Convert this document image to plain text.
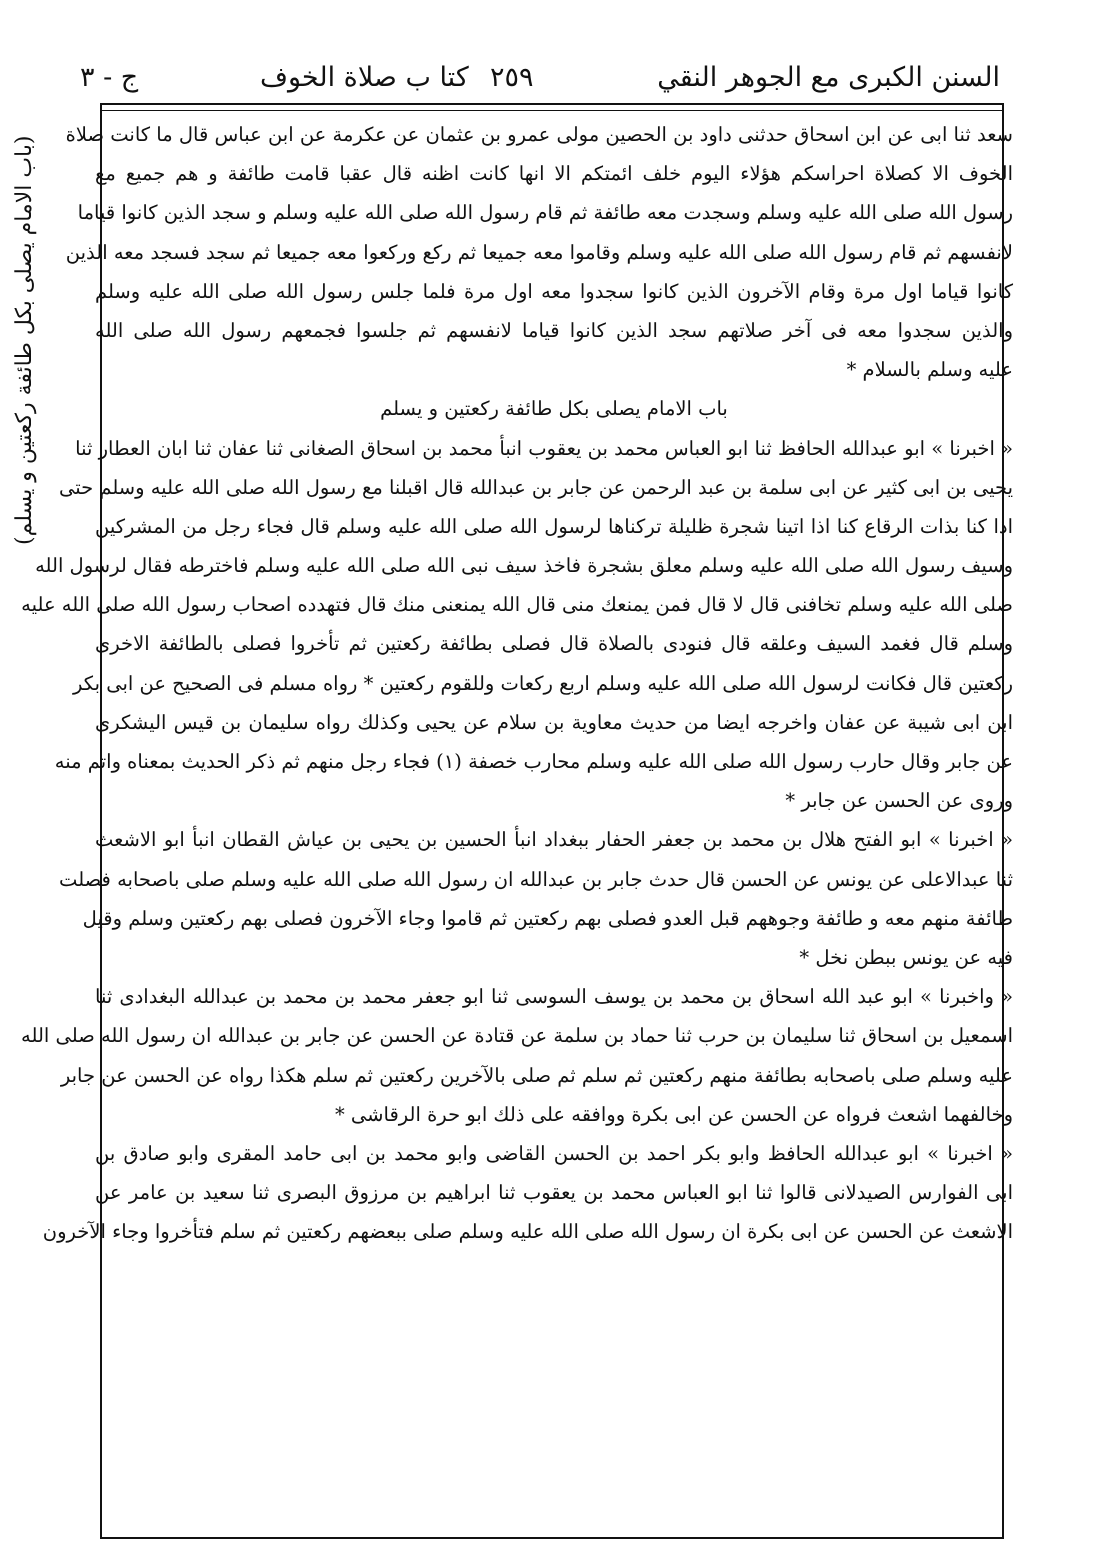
السنن الكبرى مع الجوهر النقي
٢٥٩
كتا ب صلاة الخوف
ج - ٣
(باب الامام يصلى بكل طائفة ركعتين و يسلم)
سعد ثنا ابى عن ابن اسحاق حدثنى داود بن الحصين مولى عمرو بن عثمان عن عكرمة عن ابن عباس قال ما كانت صلاة
الخوف الا كصلاة احراسكم هؤلاء اليوم خلف ائمتكم الا انها كانت اظنه قال عقبا قامت طائفة و هم جميع مع
رسول الله صلى الله عليه وسلم وسجدت معه طائفة ثم قام رسول الله صلى الله عليه وسلم و سجد الذين كانوا قياما
لانفسهم ثم قام رسول الله صلى الله عليه وسلم وقاموا معه جميعا ثم ركع وركعوا معه جميعا ثم سجد فسجد معه الذين
كانوا قياما اول مرة وقام الآخرون الذين كانوا سجدوا معه اول مرة فلما جلس رسول الله صلى الله عليه وسلم
والذين سجدوا معه فى آخر صلاتهم سجد الذين كانوا قياما لانفسهم ثم جلسوا فجمعهم رسول الله صلى الله
عليه وسلم بالسلام *
باب الامام يصلى بكل طائفة ركعتين و يسلم
« اخبرنا » ابو عبدالله الحافظ ثنا ابو العباس محمد بن يعقوب انبأ محمد بن اسحاق الصغانى ثنا عفان ثنا ابان العطار ثنا
يحيى بن ابى كثير عن ابى سلمة بن عبد الرحمن عن جابر بن عبدالله قال اقبلنا مع رسول الله صلى الله عليه وسلم حتى
اذا كنا بذات الرقاع كنا اذا اتينا شجرة ظليلة تركناها لرسول الله صلى الله عليه وسلم قال فجاء رجل من المشركين
وسيف رسول الله صلى الله عليه وسلم معلق بشجرة فاخذ سيف نبى الله صلى الله عليه وسلم فاخترطه فقال لرسول الله
صلى الله عليه وسلم تخافنى قال لا قال فمن يمنعك منى قال الله يمنعنى منك قال فتهدده اصحاب رسول الله صلى الله عليه
وسلم قال فغمد السيف وعلقه قال فنودى بالصلاة قال فصلى بطائفة ركعتين ثم تأخروا فصلى بالطائفة الاخرى
ركعتين قال فكانت لرسول الله صلى الله عليه وسلم اربع ركعات وللقوم ركعتين * رواه مسلم فى الصحيح عن ابى بكر
ابن ابى شيبة عن عفان واخرجه ايضا من حديث معاوية بن سلام عن يحيى وكذلك رواه سليمان بن قيس اليشكرى
عن جابر وقال حارب رسول الله صلى الله عليه وسلم محارب خصفة (١) فجاء رجل منهم ثم ذكر الحديث بمعناه واتم منه
وروى عن الحسن عن جابر *
« اخبرنا » ابو الفتح هلال بن محمد بن جعفر الحفار ببغداد انبأ الحسين بن يحيى بن عياش القطان انبأ ابو الاشعث
ثنا عبدالاعلى عن يونس عن الحسن قال حدث جابر بن عبدالله ان رسول الله صلى الله عليه وسلم صلى باصحابه فصلت
طائفة منهم معه و طائفة وجوههم قبل العدو فصلى بهم ركعتين ثم قاموا وجاء الآخرون فصلى بهم ركعتين وسلم وقيل
فيه عن يونس ببطن نخل *
« واخبرنا » ابو عبد الله اسحاق بن محمد بن يوسف السوسى ثنا ابو جعفر محمد بن محمد بن عبدالله البغدادى ثنا
اسمعيل بن اسحاق ثنا سليمان بن حرب ثنا حماد بن سلمة عن قتادة عن الحسن عن جابر بن عبدالله ان رسول الله صلى الله
عليه وسلم صلى باصحابه بطائفة منهم ركعتين ثم سلم ثم صلى بالآخرين ركعتين ثم سلم هكذا رواه عن الحسن عن جابر
وخالفهما اشعث فرواه عن الحسن عن ابى بكرة ووافقه على ذلك ابو حرة الرقاشى *
« اخبرنا » ابو عبدالله الحافظ وابو بكر احمد بن الحسن القاضى وابو محمد بن ابى حامد المقرى وابو صادق بن
ابى الفوارس الصيدلانى قالوا ثنا ابو العباس محمد بن يعقوب ثنا ابراهيم بن مرزوق البصرى ثنا سعيد بن عامر عن
الاشعث عن الحسن عن ابى بكرة ان رسول الله صلى الله عليه وسلم صلى ببعضهم ركعتين ثم سلم فتأخروا وجاء الآخرون
